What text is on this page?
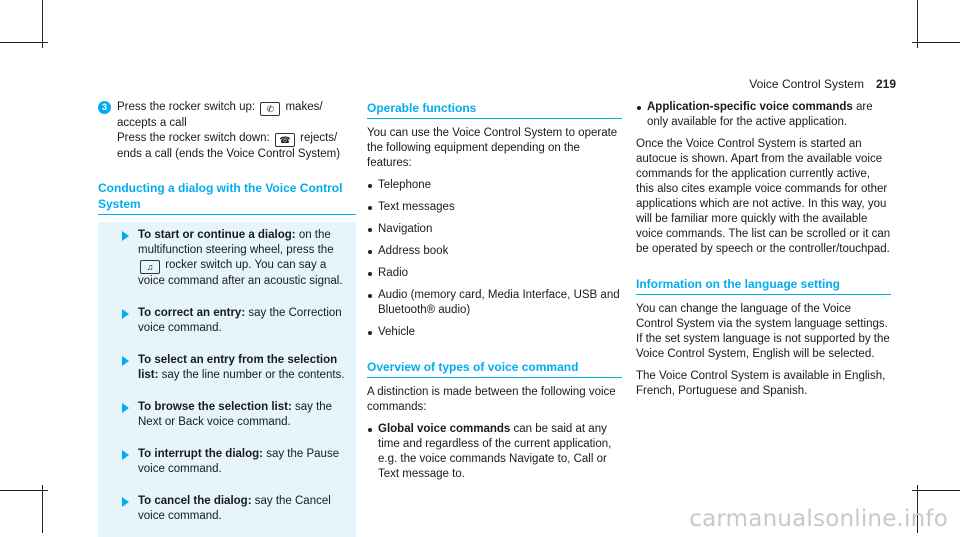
Voice Control System 219
3 Press the rocker switch up: ✆ makes/ accepts a call
Press the rocker switch down: ☎ rejects/ ends a call (ends the Voice Control System)
Conducting a dialog with the Voice Control System
To start or continue a dialog: on the multifunction steering wheel, press the ♫ rocker switch up. You can say a voice command after an acoustic signal.
To correct an entry: say the Correction voice command.
To select an entry from the selection list: say the line number or the contents.
To browse the selection list: say the Next or Back voice command.
To interrupt the dialog: say the Pause voice command.
To cancel the dialog: say the Cancel voice command.
Operable functions

You can use the Voice Control System to operate the following equipment depending on the features:

Telephone
Text messages
Navigation
Address book
Radio
Audio (memory card, Media Interface, USB and Bluetooth® audio)
Vehicle
Overview of types of voice command

A distinction is made between the following voice commands:

Global voice commands can be said at any time and regardless of the current application, e.g. the voice commands Navigate to, Call or Text message to.
Application-specific voice commands are only available for the active application.

Once the Voice Control System is started an autocue is shown. Apart from the available voice commands for the application currently active, this also cites example voice commands for other applications which are not active. In this way, you will be familiar more quickly with the available voice commands. The list can be scrolled or it can be operated by speech or the controller/touchpad.

Information on the language setting

You can change the language of the Voice Control System via the system language settings. If the set system language is not supported by the Voice Control System, English will be selected.

The Voice Control System is available in English, French, Portuguese and Spanish.

carmanualsonline.info
